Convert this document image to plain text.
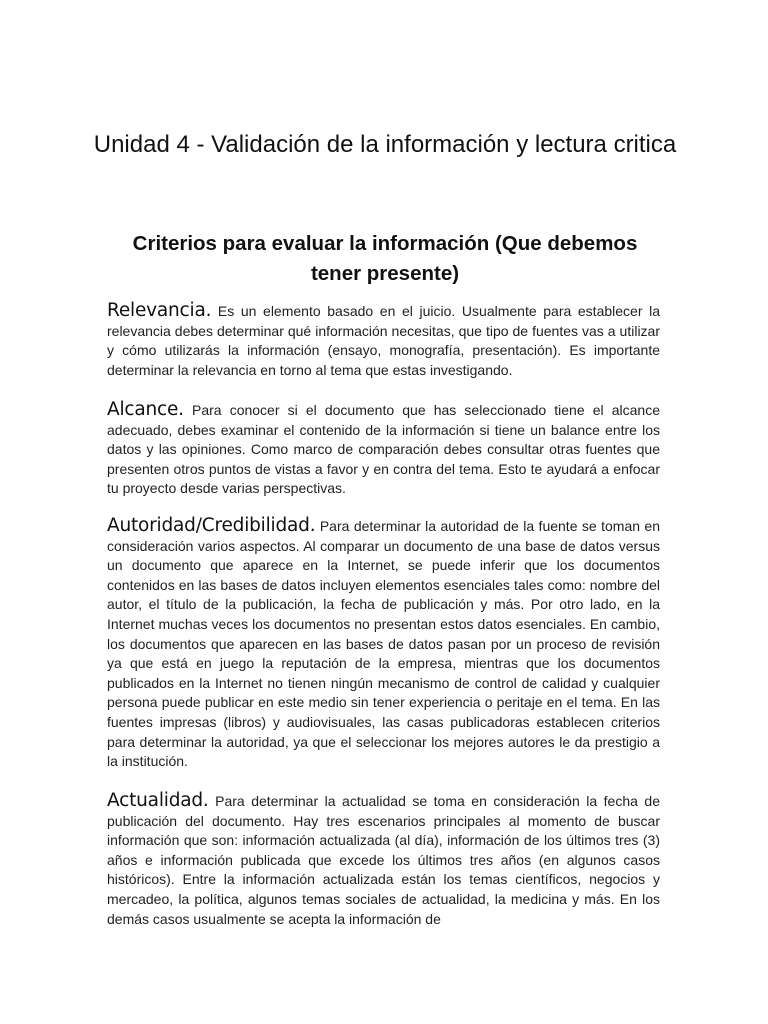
Unidad 4 - Validación de la información y lectura critica
Criterios para evaluar la información (Que debemos tener presente)
Relevancia. Es un elemento basado en el juicio. Usualmente para establecer la relevancia debes determinar qué información necesitas, que tipo de fuentes vas a utilizar y cómo utilizarás la información (ensayo, monografía, presentación). Es importante determinar la relevancia en torno al tema que estas investigando.
Alcance. Para conocer si el documento que has seleccionado tiene el alcance adecuado, debes examinar el contenido de la información si tiene un balance entre los datos y las opiniones. Como marco de comparación debes consultar otras fuentes que presenten otros puntos de vistas a favor y en contra del tema. Esto te ayudará a enfocar tu proyecto desde varias perspectivas.
Autoridad/Credibilidad. Para determinar la autoridad de la fuente se toman en consideración varios aspectos. Al comparar un documento de una base de datos versus un documento que aparece en la Internet, se puede inferir que los documentos contenidos en las bases de datos incluyen elementos esenciales tales como: nombre del autor, el título de la publicación, la fecha de publicación y más. Por otro lado, en la Internet muchas veces los documentos no presentan estos datos esenciales. En cambio, los documentos que aparecen en las bases de datos pasan por un proceso de revisión ya que está en juego la reputación de la empresa, mientras que los documentos publicados en la Internet no tienen ningún mecanismo de control de calidad y cualquier persona puede publicar en este medio sin tener experiencia o peritaje en el tema. En las fuentes impresas (libros) y audiovisuales, las casas publicadoras establecen criterios para determinar la autoridad, ya que el seleccionar los mejores autores le da prestigio a la institución.
Actualidad. Para determinar la actualidad se toma en consideración la fecha de publicación del documento. Hay tres escenarios principales al momento de buscar información que son: información actualizada (al día), información de los últimos tres (3) años e información publicada que excede los últimos tres años (en algunos casos históricos). Entre la información actualizada están los temas científicos, negocios y mercadeo, la política, algunos temas sociales de actualidad, la medicina y más. En los demás casos usualmente se acepta la información de
